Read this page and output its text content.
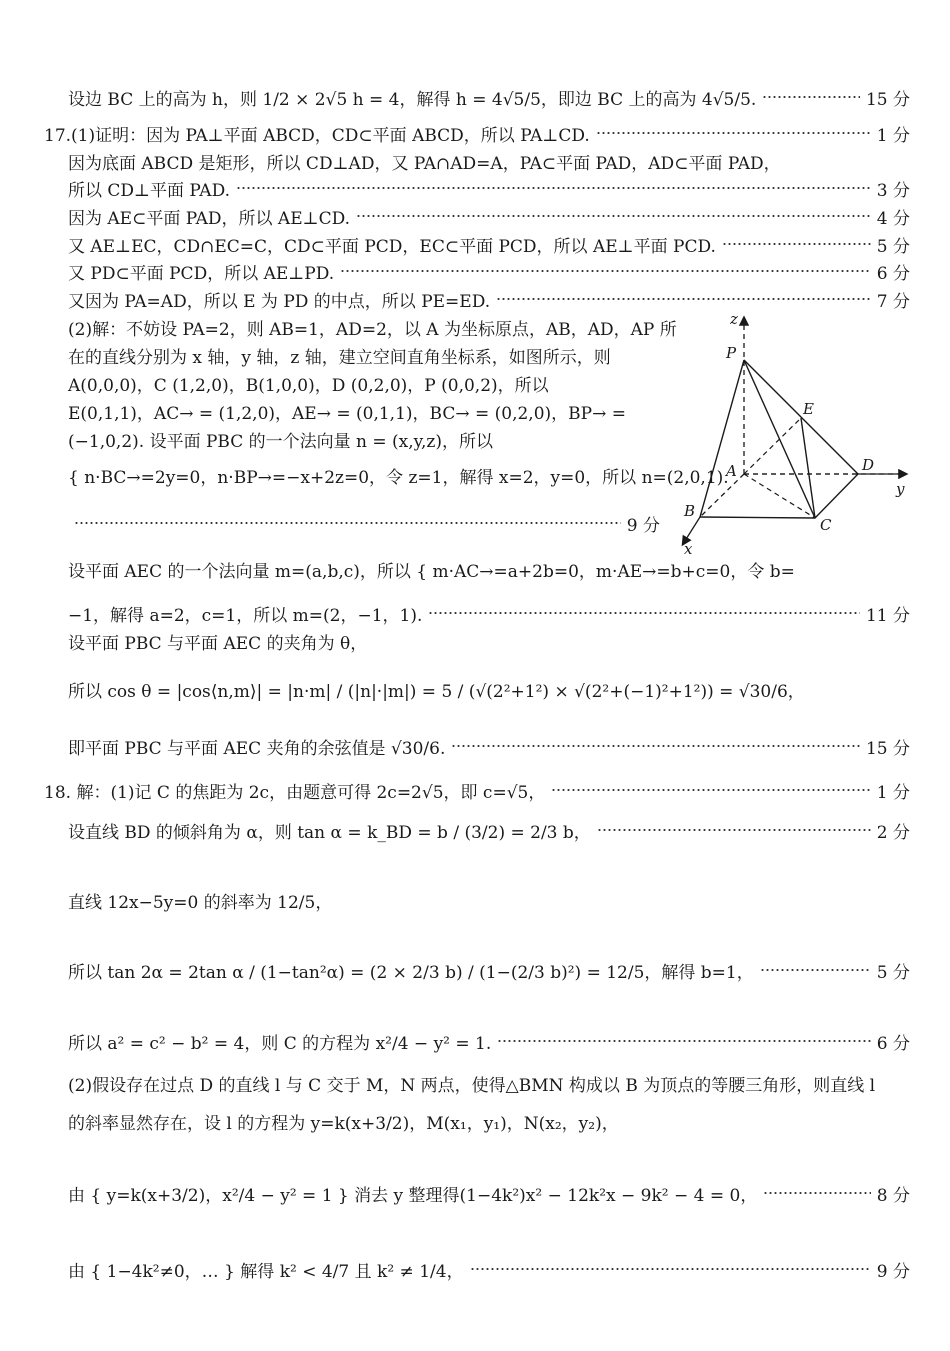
设边 BC 上的高为 h，则 1/2 × 2√5 h = 4，解得 h = 4√5/5，即边 BC 上的高为 4√5/5.	15 分
17.(1)证明：因为 PA⊥平面 ABCD，CD⊂平面 ABCD，所以 PA⊥CD.	1 分
因为底面 ABCD 是矩形，所以 CD⊥AD，又 PA∩AD=A，PA⊂平面 PAD，AD⊂平面 PAD，
所以 CD⊥平面 PAD.	3 分
因为 AE⊂平面 PAD，所以 AE⊥CD.	4 分
又 AE⊥EC，CD∩EC=C，CD⊂平面 PCD，EC⊂平面 PCD，所以 AE⊥平面 PCD.	5 分
又 PD⊂平面 PCD，所以 AE⊥PD.	6 分
又因为 PA=AD，所以 E 为 PD 的中点，所以 PE=ED.	7 分
(2)解：不妨设 PA=2，则 AB=1，AD=2，以 A 为坐标原点，AB，AD，AP 所
在的直线分别为 x 轴，y 轴，z 轴，建立空间直角坐标系，如图所示，则
A(0,0,0)，C (1,2,0)，B(1,0,0)，D (0,2,0)，P (0,0,2)，所以
E(0,1,1)，AC→ = (1,2,0)，AE→ = (0,1,1)，BC→ = (0,2,0)，BP→ =
(−1,0,2). 设平面 PBC 的一个法向量 n = (x,y,z)，所以
{ n·BC→=2y=0，n·BP→=−x+2z=0，令 z=1，解得 x=2，y=0，所以 n=(2,0,1).
9 分
设平面 AEC 的一个法向量 m=(a,b,c)，所以 { m·AC→=a+2b=0，m·AE→=b+c=0，令 b=
−1，解得 a=2，c=1，所以 m=(2，−1，1).	11 分
设平面 PBC 与平面 AEC 的夹角为 θ，
所以 cos θ = |cos⟨n,m⟩| = |n·m| / (|n|·|m|) = 5 / (√(2²+1²) × √(2²+(−1)²+1²)) = √30/6，
即平面 PBC 与平面 AEC 夹角的余弦值是 √30/6.	15 分
18. 解：(1)记 C 的焦距为 2c，由题意可得 2c=2√5，即 c=√5，	1 分
设直线 BD 的倾斜角为 α，则 tan α = k_BD = b / (3/2) = 2/3 b，	2 分
直线 12x−5y=0 的斜率为 12/5，
所以 tan 2α = 2tan α / (1−tan²α) = (2 × 2/3 b) / (1−(2/3 b)²) = 12/5，解得 b=1，	5 分
所以 a² = c² − b² = 4，则 C 的方程为 x²/4 − y² = 1.	6 分
(2)假设存在过点 D 的直线 l 与 C 交于 M，N 两点，使得△BMN 构成以 B 为顶点的等腰三角形，则直线 l
的斜率显然存在，设 l 的方程为 y=k(x+3/2)，M(x₁，y₁)，N(x₂，y₂)，
由 { y=k(x+3/2)，x²/4 − y² = 1 } 消去 y 整理得(1−4k²)x² − 12k²x − 9k² − 4 = 0，	8 分
由 { 1−4k²≠0，… } 解得 k² < 4/7 且 k² ≠ 1/4，	9 分
z
y
x
P
E
A	D
B
C
